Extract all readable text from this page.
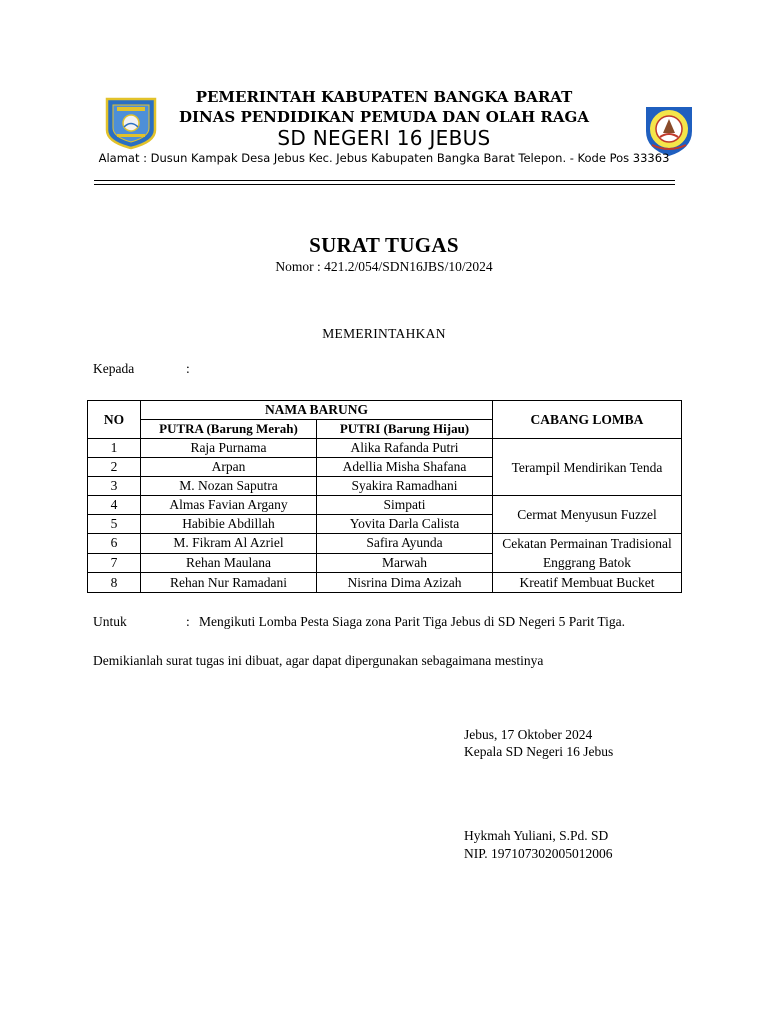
PEMERINTAH KABUPATEN BANGKA BARAT
DINAS PENDIDIKAN PEMUDA DAN OLAH RAGA
SD NEGERI 16 JEBUS
Alamat : Dusun Kampak Desa Jebus Kec. Jebus Kabupaten Bangka Barat Telepon. - Kode Pos 33363
SURAT TUGAS
Nomor : 421.2/054/SDN16JBS/10/2024
MEMERINTAHKAN
Kepada	:
NO	NAMA BARUNG		CABANG LOMBA
	PUTRA (Barung Merah)	PUTRI (Barung Hijau)	
1	Raja Purnama	Alika Rafanda Putri	Terampil Mendirikan Tenda
2	Arpan	Adellia Misha Shafana	
3	M. Nozan Saputra	Syakira Ramadhani	
4	Almas Favian Argany	Simpati	Cermat Menyusun Fuzzel
5	Habibie Abdillah	Yovita Darla Calista	
6	M. Fikram Al Azriel	Safira Ayunda	Cekatan Permainan Tradisional Enggrang Batok
7	Rehan Maulana	Marwah	
8	Rehan Nur Ramadani	Nisrina Dima Azizah	Kreatif Membuat Bucket
Untuk	: Mengikuti Lomba Pesta Siaga zona Parit Tiga Jebus di SD Negeri 5 Parit Tiga.
Demikianlah surat tugas ini dibuat, agar dapat dipergunakan sebagaimana mestinya
Jebus, 17 Oktober 2024
Kepala SD Negeri 16 Jebus
Hykmah Yuliani, S.Pd. SD
NIP. 197107302005012006
